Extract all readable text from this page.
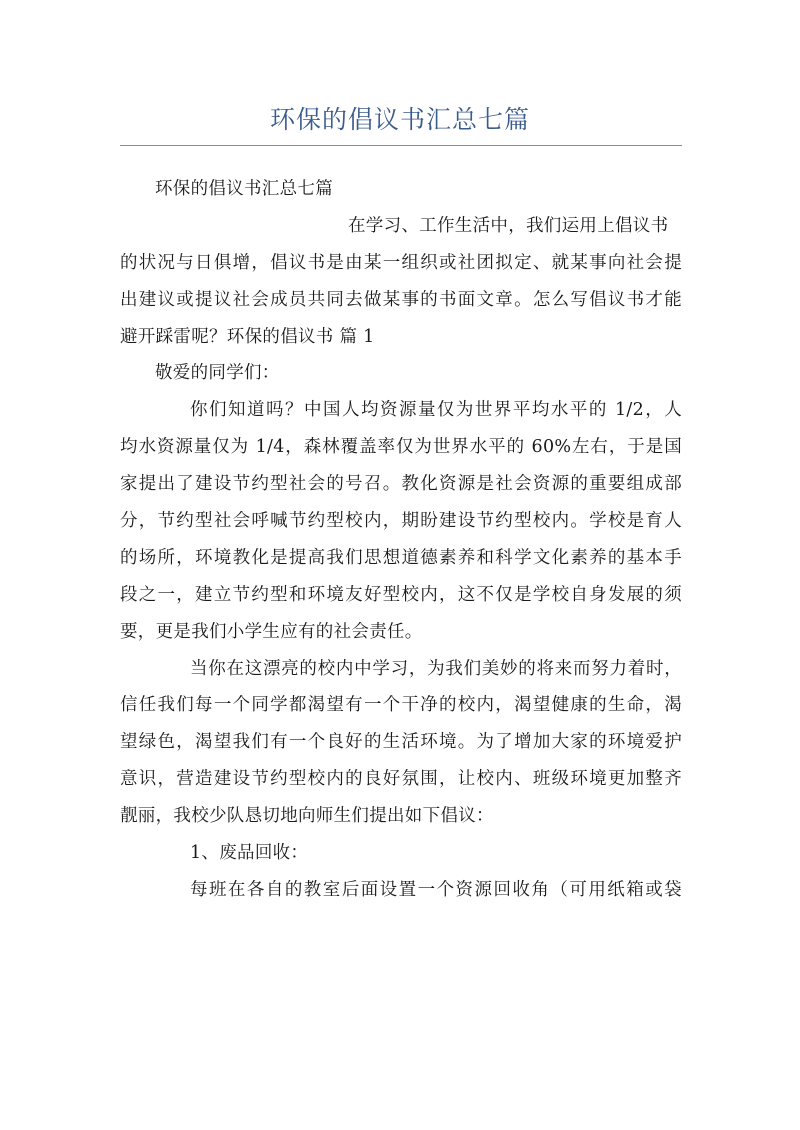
环保的倡议书汇总七篇
环保的倡议书汇总七篇
在学习、工作生活中，我们运用上倡议书
的状况与日俱增，倡议书是由某一组织或社团拟定、就某事向社会提
出建议或提议社会成员共同去做某事的书面文章。怎么写倡议书才能
避开踩雷呢？环保的倡议书 篇 1
敬爱的同学们：
你们知道吗？中国人均资源量仅为世界平均水平的 1/2，人
均水资源量仅为 1/4，森林覆盖率仅为世界水平的 60%左右，于是国
家提出了建设节约型社会的号召。教化资源是社会资源的重要组成部
分，节约型社会呼喊节约型校内，期盼建设节约型校内。学校是育人
的场所，环境教化是提高我们思想道德素养和科学文化素养的基本手
段之一，建立节约型和环境友好型校内，这不仅是学校自身发展的须
要，更是我们小学生应有的社会责任。
当你在这漂亮的校内中学习，为我们美妙的将来而努力着时，
信任我们每一个同学都渴望有一个干净的校内，渴望健康的生命，渴
望绿色，渴望我们有一个良好的生活环境。为了增加大家的环境爱护
意识，营造建设节约型校内的良好氛围，让校内、班级环境更加整齐
靓丽，我校少队恳切地向师生们提出如下倡议：
1、废品回收：
每班在各自的教室后面设置一个资源回收角（可用纸箱或袋
